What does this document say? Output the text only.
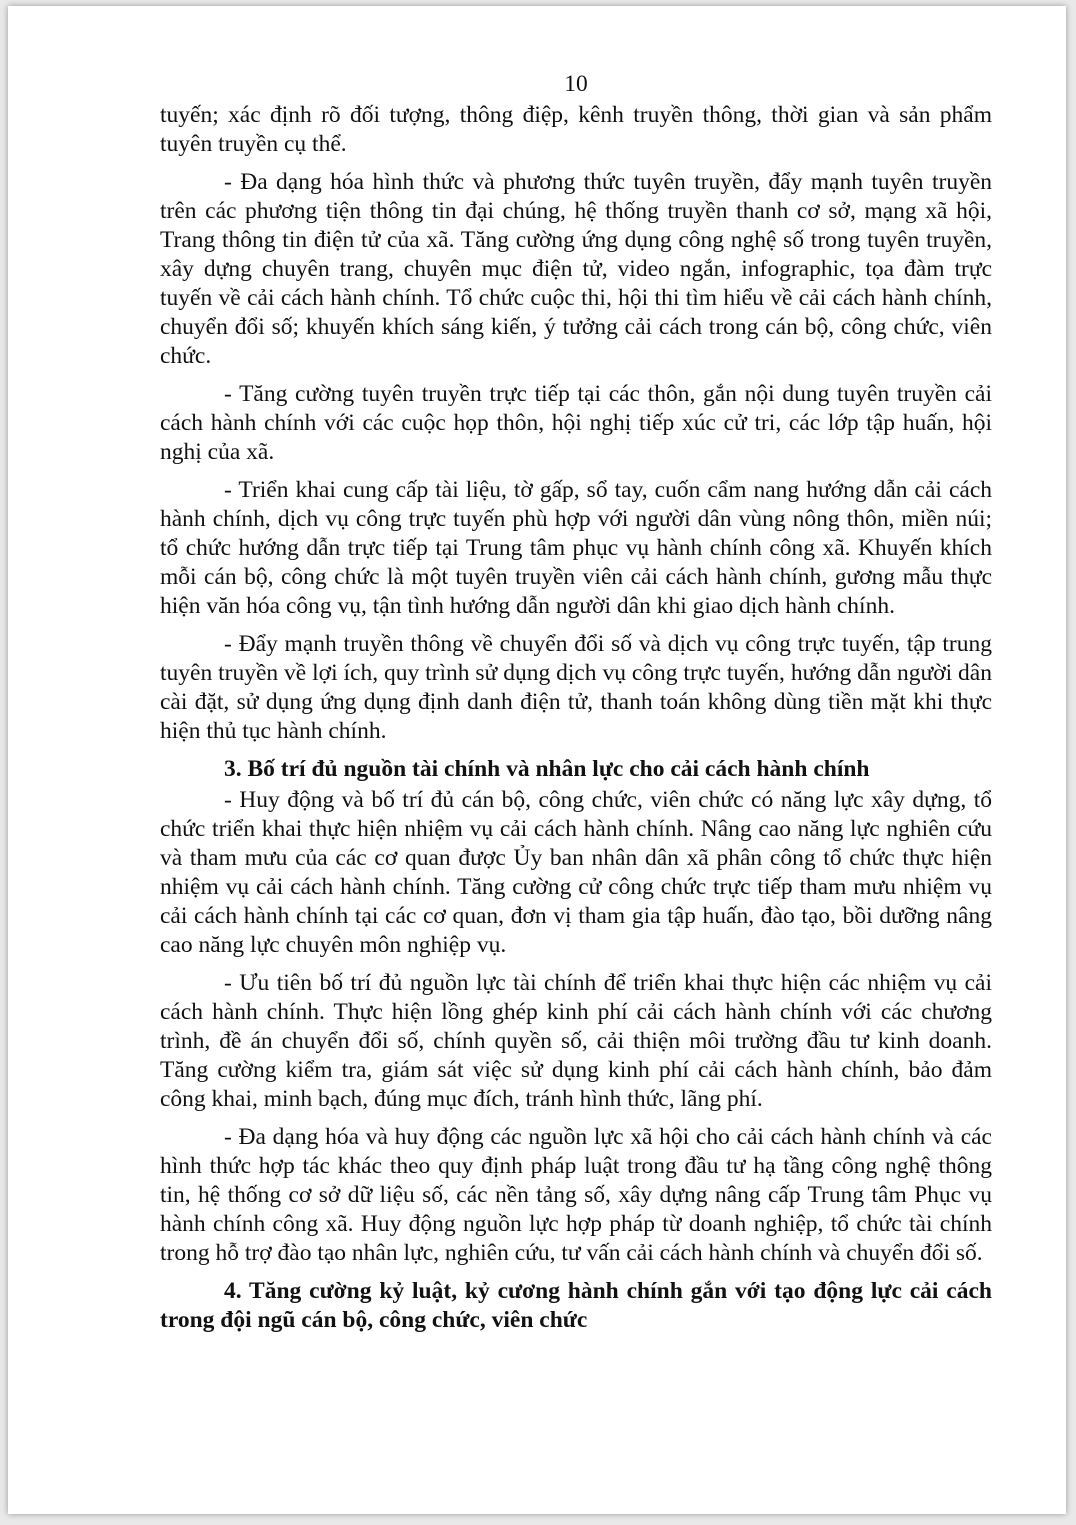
10

tuyến; xác định rõ đối tượng, thông điệp, kênh truyền thông, thời gian và sản phẩm tuyên truyền cụ thể.

- Đa dạng hóa hình thức và phương thức tuyên truyền, đẩy mạnh tuyên truyền trên các phương tiện thông tin đại chúng, hệ thống truyền thanh cơ sở, mạng xã hội, Trang thông tin điện tử của xã. Tăng cường ứng dụng công nghệ số trong tuyên truyền, xây dựng chuyên trang, chuyên mục điện tử, video ngắn, infographic, tọa đàm trực tuyến về cải cách hành chính. Tổ chức cuộc thi, hội thi tìm hiểu về cải cách hành chính, chuyển đổi số; khuyến khích sáng kiến, ý tưởng cải cách trong cán bộ, công chức, viên chức.

- Tăng cường tuyên truyền trực tiếp tại các thôn, gắn nội dung tuyên truyền cải cách hành chính với các cuộc họp thôn, hội nghị tiếp xúc cử tri, các lớp tập huấn, hội nghị của xã.

- Triển khai cung cấp tài liệu, tờ gấp, sổ tay, cuốn cẩm nang hướng dẫn cải cách hành chính, dịch vụ công trực tuyến phù hợp với người dân vùng nông thôn, miền núi; tổ chức hướng dẫn trực tiếp tại Trung tâm phục vụ hành chính công xã. Khuyến khích mỗi cán bộ, công chức là một tuyên truyền viên cải cách hành chính, gương mẫu thực hiện văn hóa công vụ, tận tình hướng dẫn người dân khi giao dịch hành chính.

- Đẩy mạnh truyền thông về chuyển đổi số và dịch vụ công trực tuyến, tập trung tuyên truyền về lợi ích, quy trình sử dụng dịch vụ công trực tuyến, hướng dẫn người dân cài đặt, sử dụng ứng dụng định danh điện tử, thanh toán không dùng tiền mặt khi thực hiện thủ tục hành chính.

3. Bố trí đủ nguồn tài chính và nhân lực cho cải cách hành chính

- Huy động và bố trí đủ cán bộ, công chức, viên chức có năng lực xây dựng, tổ chức triển khai thực hiện nhiệm vụ cải cách hành chính. Nâng cao năng lực nghiên cứu và tham mưu của các cơ quan được Ủy ban nhân dân xã phân công tổ chức thực hiện nhiệm vụ cải cách hành chính. Tăng cường cử công chức trực tiếp tham mưu nhiệm vụ cải cách hành chính tại các cơ quan, đơn vị tham gia tập huấn, đào tạo, bồi dưỡng nâng cao năng lực chuyên môn nghiệp vụ.

- Ưu tiên bố trí đủ nguồn lực tài chính để triển khai thực hiện các nhiệm vụ cải cách hành chính. Thực hiện lồng ghép kinh phí cải cách hành chính với các chương trình, đề án chuyển đổi số, chính quyền số, cải thiện môi trường đầu tư kinh doanh. Tăng cường kiểm tra, giám sát việc sử dụng kinh phí cải cách hành chính, bảo đảm công khai, minh bạch, đúng mục đích, tránh hình thức, lãng phí.

- Đa dạng hóa và huy động các nguồn lực xã hội cho cải cách hành chính và các hình thức hợp tác khác theo quy định pháp luật trong đầu tư hạ tầng công nghệ thông tin, hệ thống cơ sở dữ liệu số, các nền tảng số, xây dựng nâng cấp Trung tâm Phục vụ hành chính công xã. Huy động nguồn lực hợp pháp từ doanh nghiệp, tổ chức tài chính trong hỗ trợ đào tạo nhân lực, nghiên cứu, tư vấn cải cách hành chính và chuyển đổi số.

4. Tăng cường kỷ luật, kỷ cương hành chính gắn với tạo động lực cải cách trong đội ngũ cán bộ, công chức, viên chức
